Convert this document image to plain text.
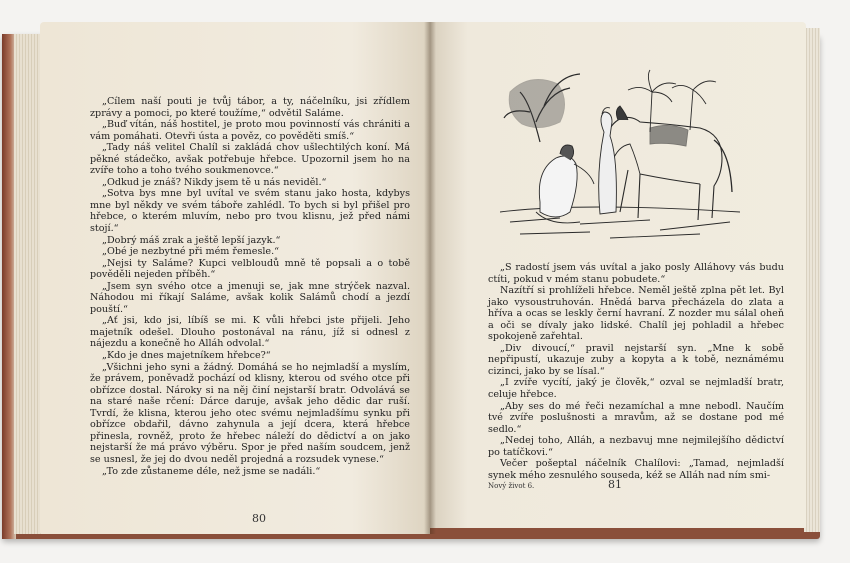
„Cílem naší pouti je tvůj tábor, a ty, náčelníku, jsi zřídlem zprávy a pomoci, po které toužíme,“ odvětil Saláme.

„Buď vítán, náš hostitel, je proto mou povinností vás chrániti a vám pomáhati. Otevři ústa a pověz, co pověděti smíš.“

„Tady náš velitel Chalíl si zakládá chov ušlechtilých koní. Má pěkné stádečko, avšak potřebuje hřebce. Upozornil jsem ho na zvíře toho a toho tvého soukmenovce.“

„Odkud je znáš? Nikdy jsem tě u nás neviděl.“

„Sotva bys mne byl uvítal ve svém stanu jako hosta, kdybys mne byl někdy ve svém táboře zahlédl. To bych si byl přišel pro hřebce, o kterém mluvím, nebo pro tvou klisnu, jež před námi stojí.“

„Dobrý máš zrak a ještě lepší jazyk.“

„Obé je nezbytné při mém řemesle.“

„Nejsi ty Saláme? Kupci velbloudů mně tě popsali a o tobě pověděli nejeden příběh.“

„Jsem syn svého otce a jmenuji se, jak mne strýček nazval. Náhodou mi říkají Saláme, avšak kolik Salámů chodí a jezdí pouští.“

„Ať jsi, kdo jsi, líbíš se mi. K vůli hřebci jste přijeli. Jeho majetník odešel. Dlouho postonával na ránu, jíž si odnesl z nájezdu a konečně ho Alláh odvolal.“

„Kdo je dnes majetníkem hřebce?“

„Všichni jeho syni a žádný. Domáhá se ho nejmladší a myslím, že právem, poněvadž pochází od klisny, kterou od svého otce při obřízce dostal. Nároky si na něj činí nejstarší bratr. Odvolává se na staré naše rčení: Dárce daruje, avšak jeho dědic dar ruší. Tvrdí, že klisna, kterou jeho otec svému nejmladšímu synku při obřízce obdařil, dávno zahynula a její dcera, která hřebce přinesla, rovněž, proto že hřebec náleží do dědictví a on jako nejstarší že má právo výběru. Spor je před naším soudcem, jenž se usnesl, že jej do dvou neděl projedná a rozsudek vynese.“

„To zde zůstaneme déle, než jsme se nadáli.“

80

„S radostí jsem vás uvítal a jako posly Alláhovy vás budu ctíti, pokud v mém stanu pobudete.“

Nazítří si prohlíželi hřebce. Neměl ještě zplna pět let. Byl jako vysoustruhován. Hnědá barva přecházela do zlata a hříva a ocas se leskly černí havraní. Z nozder mu sálal oheň a oči se dívaly jako lidské. Chalíl jej pohladil a hřebec spokojeně zařehtal.

„Div divoucí,“ pravil nejstarší syn. „Mne k sobě nepřipustí, ukazuje zuby a kopyta a k tobě, neznámému cizinci, jako by se lísal.“

„I zvíře vycítí, jaký je člověk,“ ozval se nejmladší bratr, celuje hřebce.

„Aby ses do mé řeči nezamíchal a mne nebodl. Naučím tvé zvíře poslušnosti a mravům, až se dostane pod mé sedlo.“

„Nedej toho, Alláh, a nezbavuj mne nejmilejšího dědictví po tatíčkovi.“

Večer pošeptal náčelník Chalílovi: „Tamad, nejmladší synek mého zesnulého souseda, kéž se Alláh nad ním smi-

Nový život 6.	81
